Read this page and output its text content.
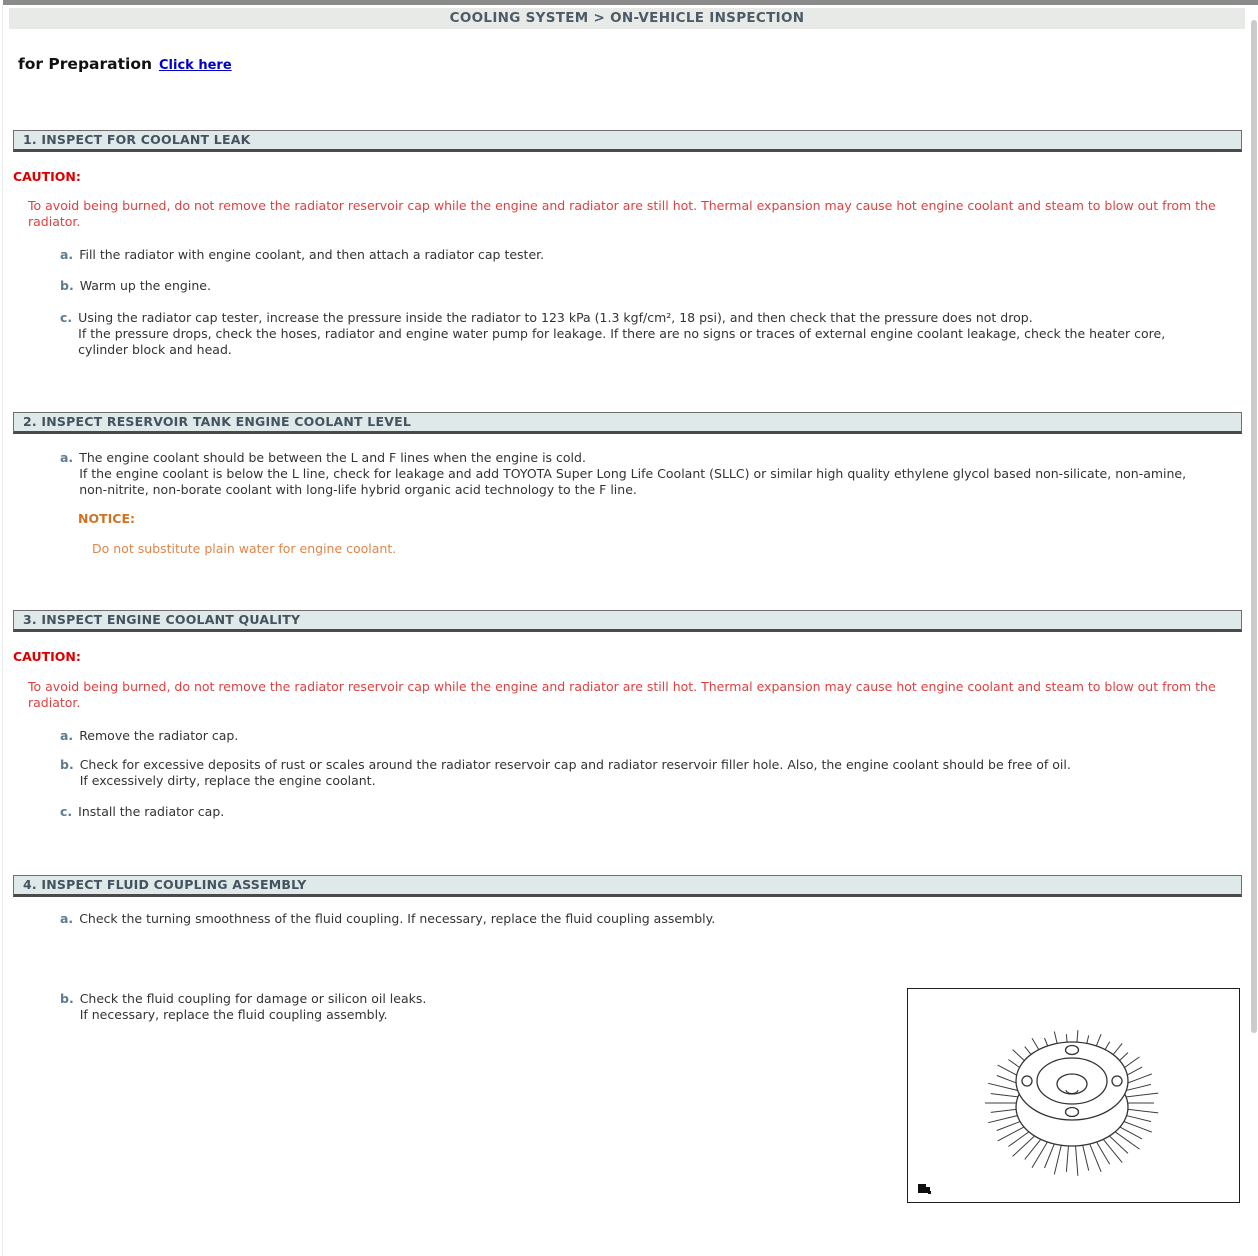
COOLING SYSTEM > ON-VEHICLE INSPECTION
for Preparation Click here
1. INSPECT FOR COOLANT LEAK
CAUTION:
To avoid being burned, do not remove the radiator reservoir cap while the engine and radiator are still hot. Thermal expansion may cause hot engine coolant and steam to blow out from the radiator.
a. Fill the radiator with engine coolant, and then attach a radiator cap tester.
b. Warm up the engine.
c. Using the radiator cap tester, increase the pressure inside the radiator to 123 kPa (1.3 kgf/cm², 18 psi), and then check that the pressure does not drop.
If the pressure drops, check the hoses, radiator and engine water pump for leakage. If there are no signs or traces of external engine coolant leakage, check the heater core, cylinder block and head.
2. INSPECT RESERVOIR TANK ENGINE COOLANT LEVEL
a. The engine coolant should be between the L and F lines when the engine is cold.
If the engine coolant is below the L line, check for leakage and add TOYOTA Super Long Life Coolant (SLLC) or similar high quality ethylene glycol based non-silicate, non-amine, non-nitrite, non-borate coolant with long-life hybrid organic acid technology to the F line.
NOTICE:
Do not substitute plain water for engine coolant.
3. INSPECT ENGINE COOLANT QUALITY
CAUTION:
To avoid being burned, do not remove the radiator reservoir cap while the engine and radiator are still hot. Thermal expansion may cause hot engine coolant and steam to blow out from the radiator.
a. Remove the radiator cap.
b. Check for excessive deposits of rust or scales around the radiator reservoir cap and radiator reservoir filler hole. Also, the engine coolant should be free of oil.
If excessively dirty, replace the engine coolant.
c. Install the radiator cap.
4. INSPECT FLUID COUPLING ASSEMBLY
a. Check the turning smoothness of the fluid coupling. If necessary, replace the fluid coupling assembly.
b. Check the fluid coupling for damage or silicon oil leaks.
If necessary, replace the fluid coupling assembly.
